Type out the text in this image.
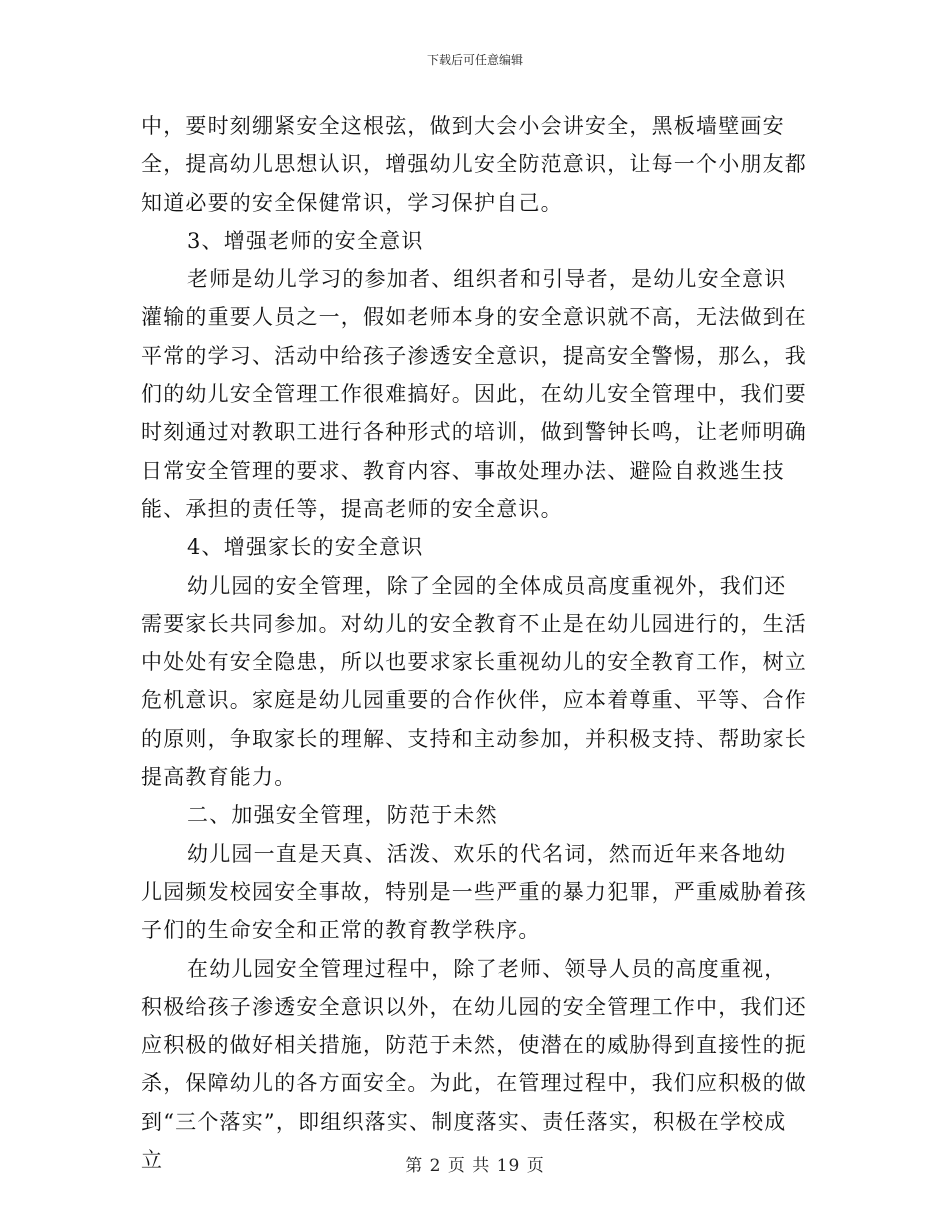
下载后可任意编辑

中，要时刻绷紧安全这根弦，做到大会小会讲安全，黑板墙壁画安全，提高幼儿思想认识，增强幼儿安全防范意识，让每一个小朋友都知道必要的安全保健常识，学习保护自己。

3、增强老师的安全意识

老师是幼儿学习的参加者、组织者和引导者，是幼儿安全意识灌输的重要人员之一，假如老师本身的安全意识就不高，无法做到在平常的学习、活动中给孩子渗透安全意识，提高安全警惕，那么，我们的幼儿安全管理工作很难搞好。因此，在幼儿安全管理中，我们要时刻通过对教职工进行各种形式的培训，做到警钟长鸣，让老师明确日常安全管理的要求、教育内容、事故处理办法、避险自救逃生技能、承担的责任等，提高老师的安全意识。

4、增强家长的安全意识

幼儿园的安全管理，除了全园的全体成员高度重视外，我们还需要家长共同参加。对幼儿的安全教育不止是在幼儿园进行的，生活中处处有安全隐患，所以也要求家长重视幼儿的安全教育工作，树立危机意识。家庭是幼儿园重要的合作伙伴，应本着尊重、平等、合作的原则，争取家长的理解、支持和主动参加，并积极支持、帮助家长提高教育能力。

二、加强安全管理，防范于未然

幼儿园一直是天真、活泼、欢乐的代名词，然而近年来各地幼儿园频发校园安全事故，特别是一些严重的暴力犯罪，严重威胁着孩子们的生命安全和正常的教育教学秩序。

在幼儿园安全管理过程中，除了老师、领导人员的高度重视，积极给孩子渗透安全意识以外，在幼儿园的安全管理工作中，我们还应积极的做好相关措施，防范于未然，使潜在的威胁得到直接性的扼杀，保障幼儿的各方面安全。为此，在管理过程中，我们应积极的做到“三个落实”，即组织落实、制度落实、责任落实，积极在学校成立	第 2 页 共 19 页
